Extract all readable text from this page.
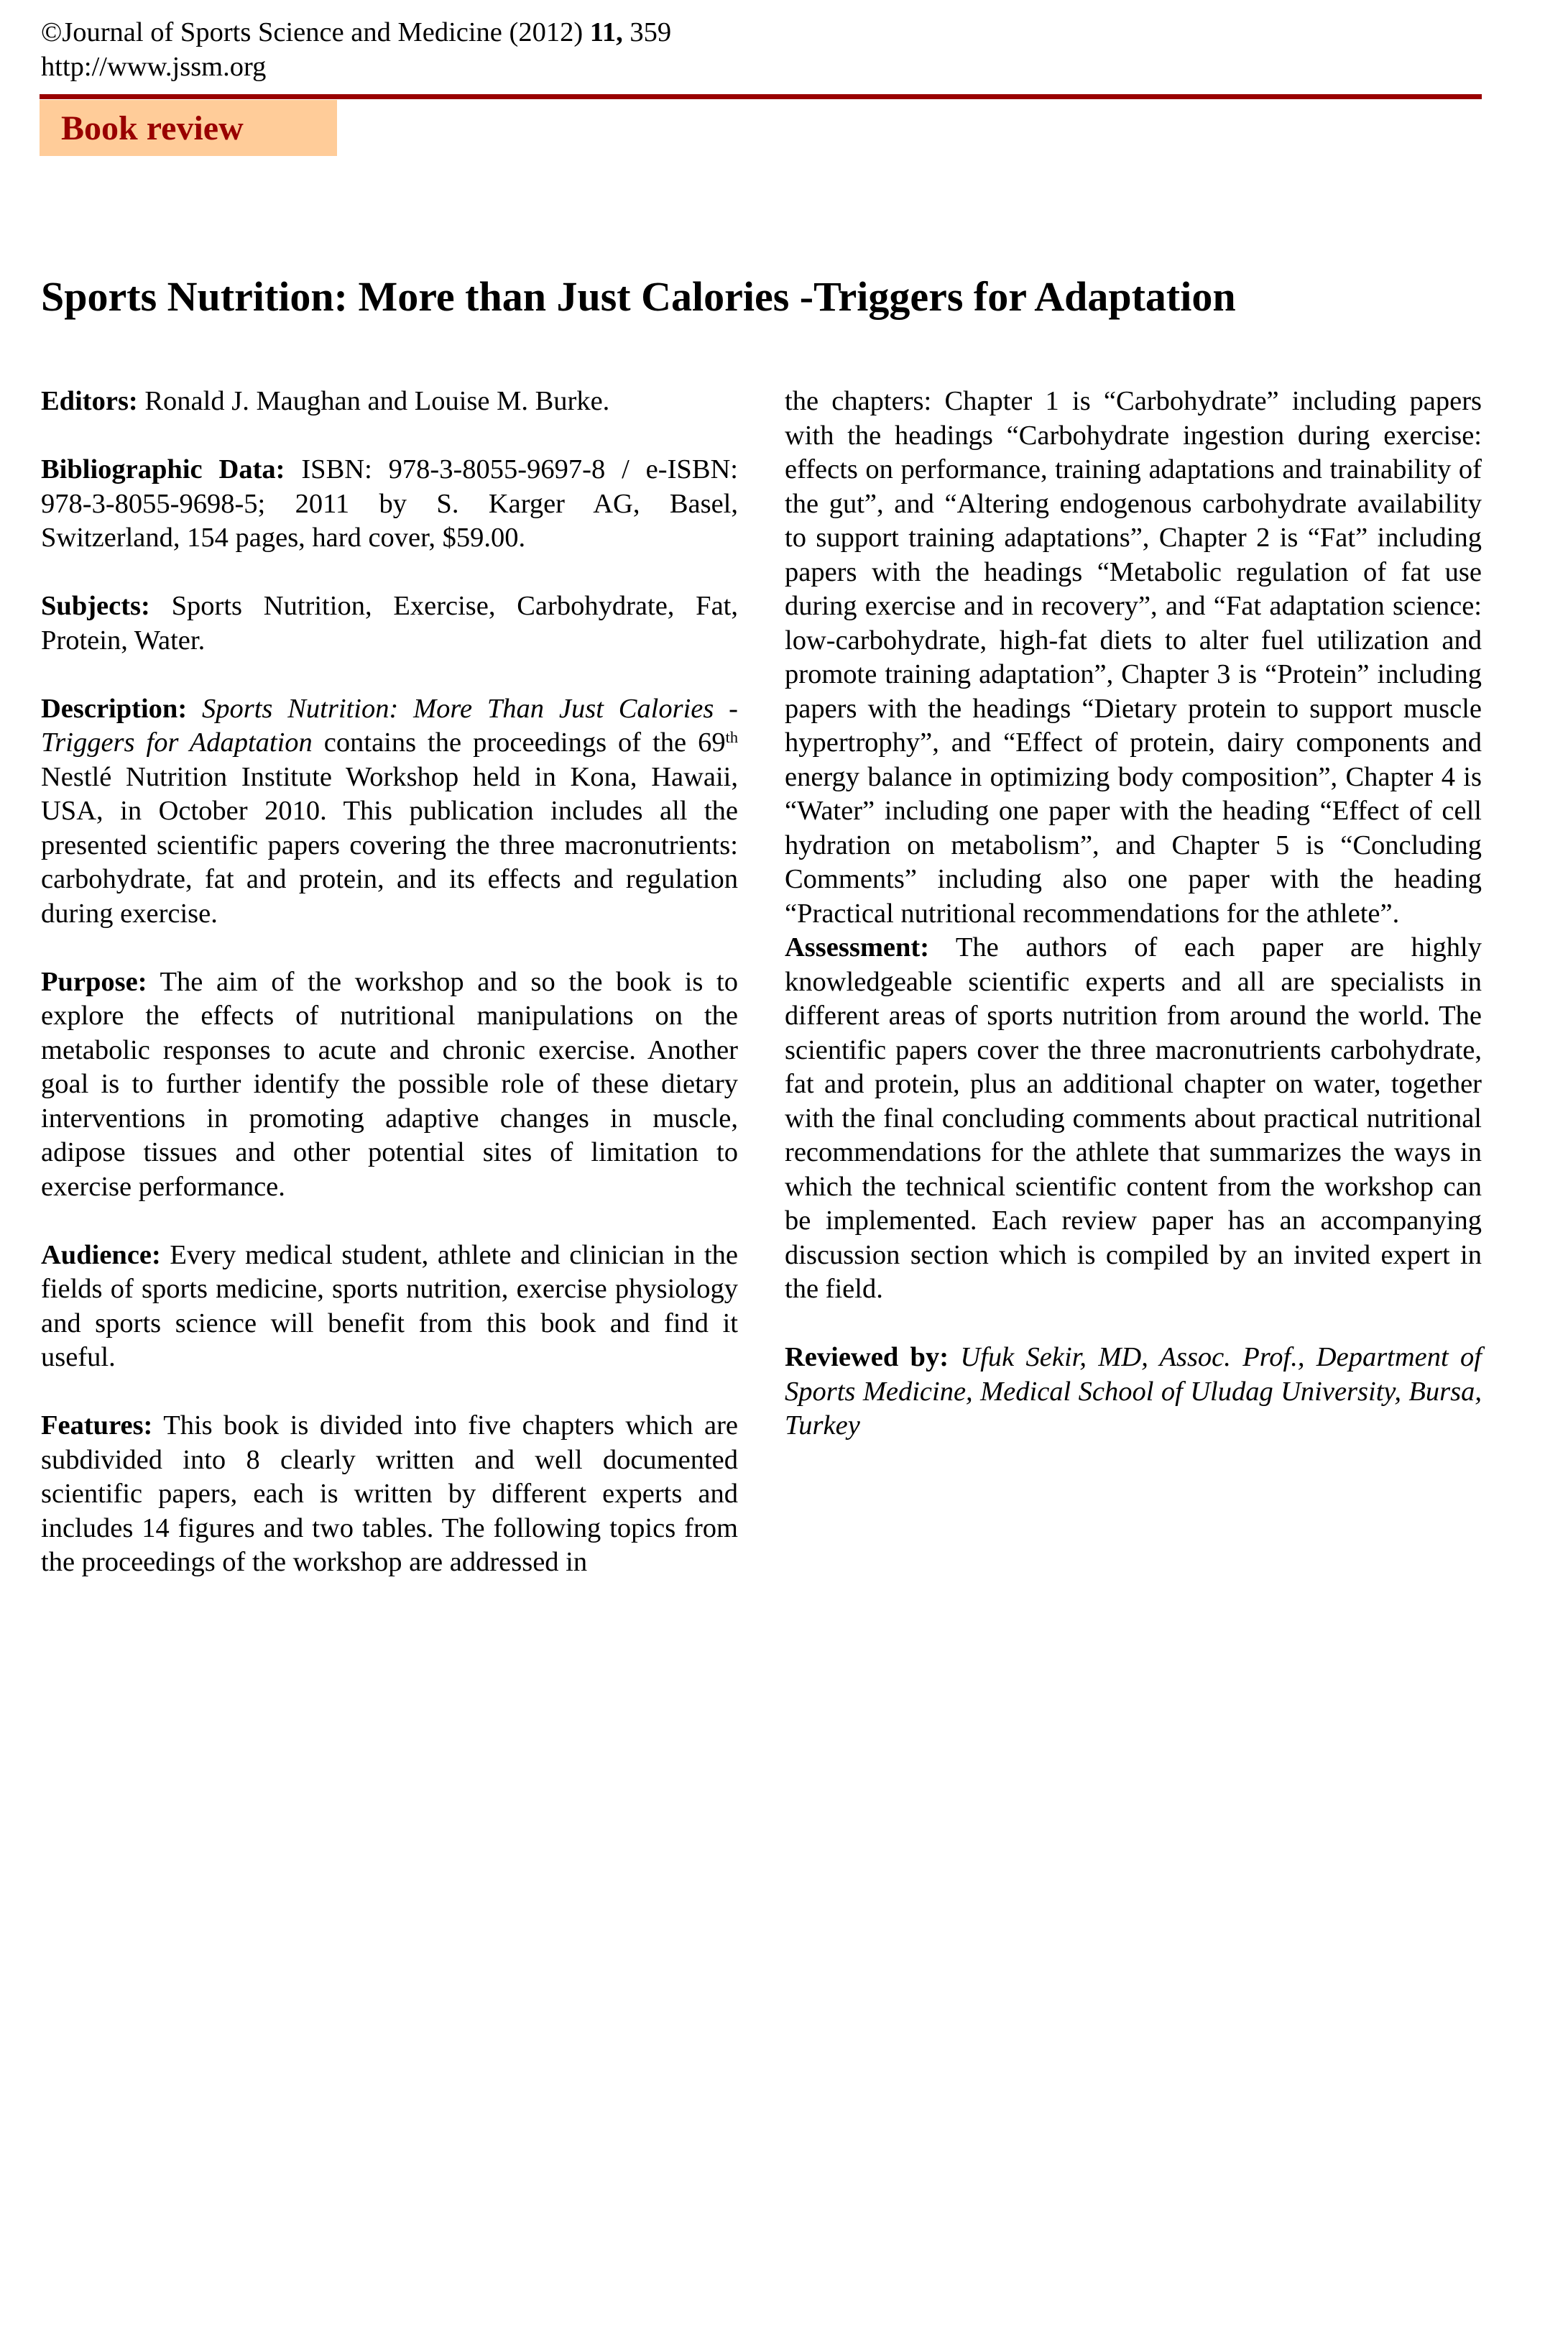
©Journal of Sports Science and Medicine (2012) 11, 359
http://www.jssm.org
Book review
Sports Nutrition: More than Just Calories -Triggers for Adaptation

Editors: Ronald J. Maughan and Louise M. Burke.

Bibliographic Data: ISBN: 978-3-8055-9697-8 / e-ISBN: 978-3-8055-9698-5; 2011 by S. Karger AG, Basel, Switzerland, 154 pages, hard cover, $59.00.

Subjects: Sports Nutrition, Exercise, Carbohydrate, Fat, Protein, Water.

Description: Sports Nutrition: More Than Just Calories - Triggers for Adaptation contains the proceedings of the 69th Nestlé Nutrition Institute Workshop held in Kona, Hawaii, USA, in October 2010. This publication includes all the presented scientific papers covering the three macronutrients: carbohydrate, fat and protein, and its effects and regulation during exercise.

Purpose: The aim of the workshop and so the book is to explore the effects of nutritional manipulations on the metabolic responses to acute and chronic exercise. Another goal is to further identify the possible role of these dietary interventions in promoting adaptive changes in muscle, adipose tissues and other potential sites of limitation to exercise performance.

Audience: Every medical student, athlete and clinician in the fields of sports medicine, sports nutrition, exercise physiology and sports science will benefit from this book and find it useful.

Features: This book is divided into five chapters which are subdivided into 8 clearly written and well documented scientific papers, each is written by different experts and includes 14 figures and two tables. The following topics from the proceedings of the workshop are addressed in

the chapters: Chapter 1 is “Carbohydrate” including papers with the headings “Carbohydrate ingestion during exercise: effects on performance, training adaptations and trainability of the gut”, and “Altering endogenous carbohydrate availability to support training adaptations”, Chapter 2 is “Fat” including papers with the headings “Metabolic regulation of fat use during exercise and in recovery”, and “Fat adaptation science: low-carbohydrate, high-fat diets to alter fuel utilization and promote training adaptation”, Chapter 3 is “Protein” including papers with the headings “Dietary protein to support muscle hypertrophy”, and “Effect of protein, dairy components and energy balance in optimizing body composition”, Chapter 4 is “Water” including one paper with the heading “Effect of cell hydration on metabolism”, and Chapter 5 is “Concluding Comments” including also one paper with the heading “Practical nutritional recommendations for the athlete”.

Assessment: The authors of each paper are highly knowledgeable scientific experts and all are specialists in different areas of sports nutrition from around the world. The scientific papers cover the three macronutrients carbohydrate, fat and protein, plus an additional chapter on water, together with the final concluding comments about practical nutritional recommendations for the athlete that summarizes the ways in which the technical scientific content from the workshop can be implemented. Each review paper has an accompanying discussion section which is compiled by an invited expert in the field.

Reviewed by: Ufuk Sekir, MD, Assoc. Prof., Department of Sports Medicine, Medical School of Uludag University, Bursa, Turkey
